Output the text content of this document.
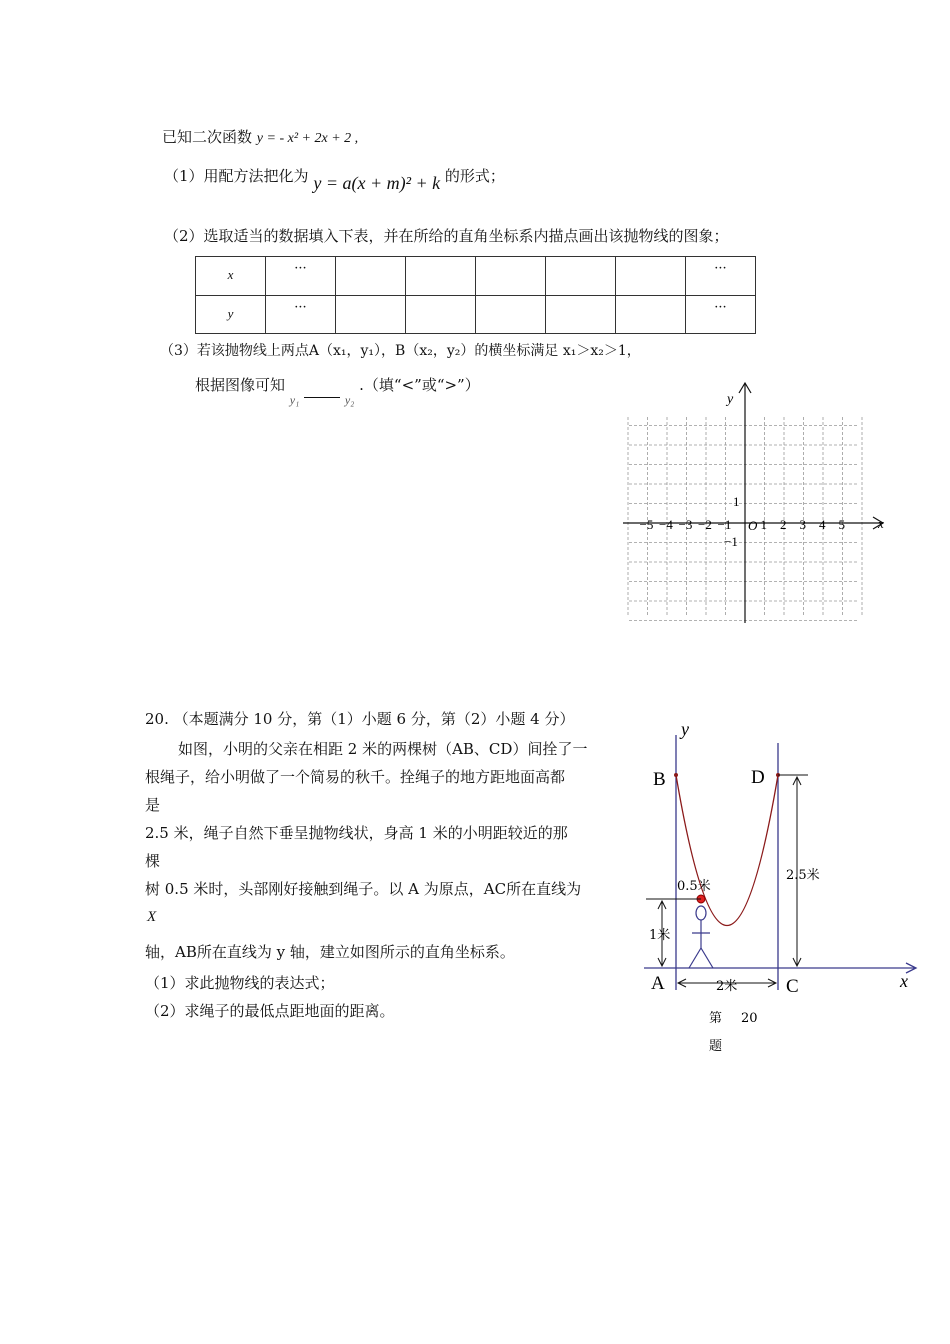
已知二次函数 y = - x² + 2x + 2 ,
（1）用配方法把化为 y = a(x + m)² + k 的形式；
（2）选取适当的数据填入下表，并在所给的直角坐标系内描点画出该抛物线的图象；
x	···						···
y	···						···
（3）若该抛物线上两点A（x₁，y₁），B（x₂，y₂）的横坐标满足 x₁＞x₂＞1，
根据图像可知 $_{y_1}$	$_{y_2}$ .（填“<”或“>”）
y
x
O
1
−1
−5 −4 −3 −2 −1 1 2 3 4 5
20. （本题满分 10 分，第（1）小题 6 分，第（2）小题 4 分）
如图，小明的父亲在相距 2 米的两棵树（AB、CD）间拴了一
根绳子，给小明做了一个简易的秋千。拴绳子的地方距地面高都
是
2.5 米，绳子自然下垂呈抛物线状，身高 1 米的小明距较近的那
棵
树 0.5 米时，头部刚好接触到绳子。以 A 为原点，AC所在直线为
X
轴，AB所在直线为 y 轴，建立如图所示的直角坐标系。
（1）求此抛物线的表达式；
（2）求绳子的最低点距地面的距离。
y
x
B	D
A	C
0.5米
1米
2米
2.5米
第 20
题
